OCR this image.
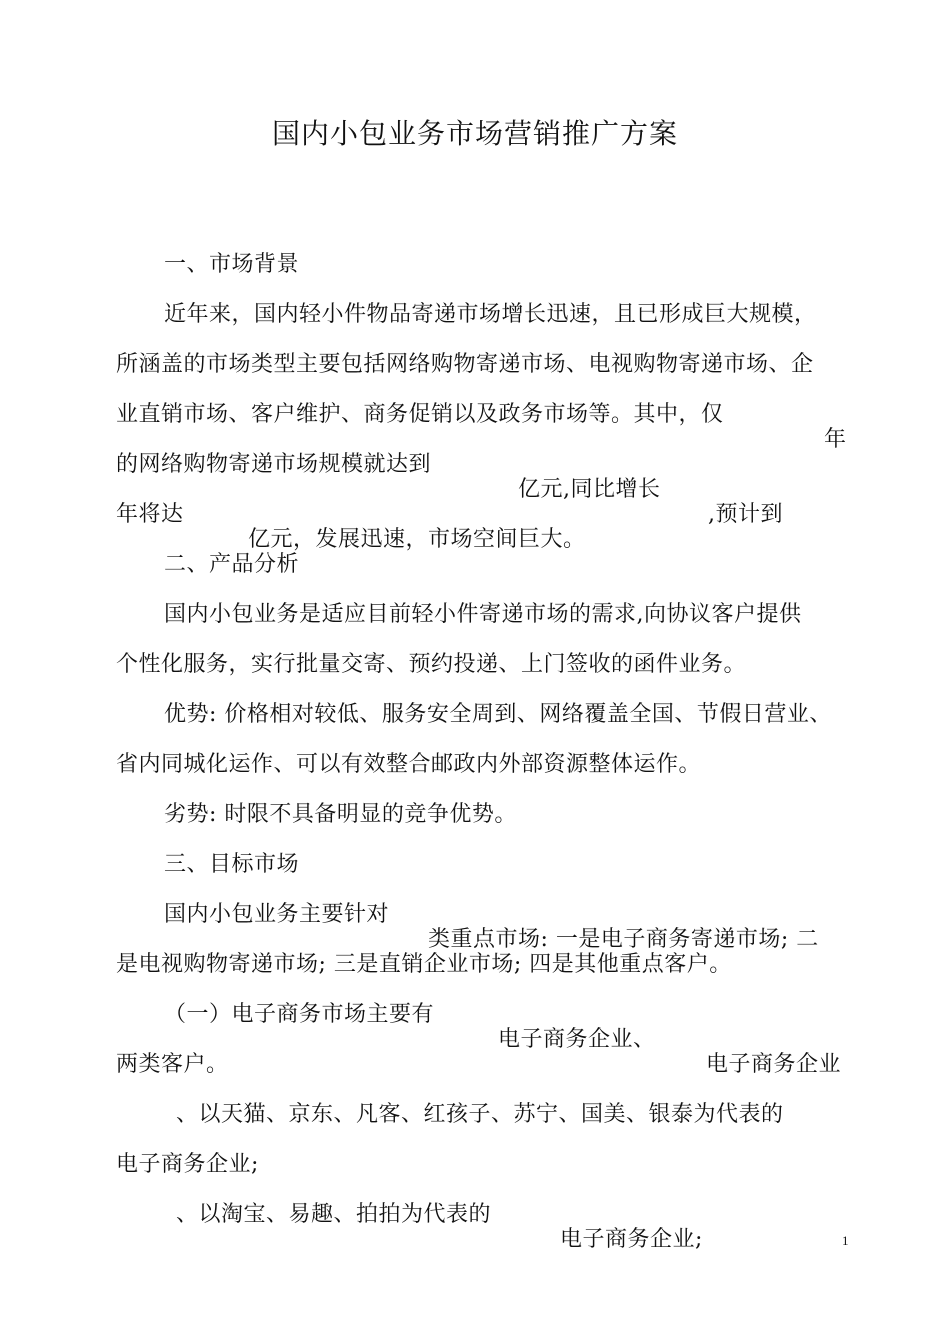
国内小包业务市场营销推广方案

一、市场背景

近年来，国内轻小件物品寄递市场增长迅速，且已形成巨大规模，

所涵盖的市场类型主要包括网络购物寄递市场、电视购物寄递市场、企

业直销市场、客户维护、商务促销以及政务市场等。其中，仅

年

的网络购物寄递市场规模就达到

亿元,同比增长

,预计到

年将达

亿元，发展迅速，市场空间巨大。

二、产品分析

国内小包业务是适应目前轻小件寄递市场的需求,向协议客户提供

个性化服务，实行批量交寄、预约投递、上门签收的函件业务。

优势: 价格相对较低、服务安全周到、网络覆盖全国、节假日营业、

省内同城化运作、可以有效整合邮政内外部资源整体运作。

劣势: 时限不具备明显的竞争优势。

三、目标市场

国内小包业务主要针对

类重点市场: 一是电子商务寄递市场; 二

是电视购物寄递市场; 三是直销企业市场; 四是其他重点客户。

（一）电子商务市场主要有

电子商务企业、

电子商务企业

两类客户。

、以天猫、京东、凡客、红孩子、苏宁、国美、银泰为代表的

电子商务企业;

、以淘宝、易趣、拍拍为代表的

电子商务企业;

	1
